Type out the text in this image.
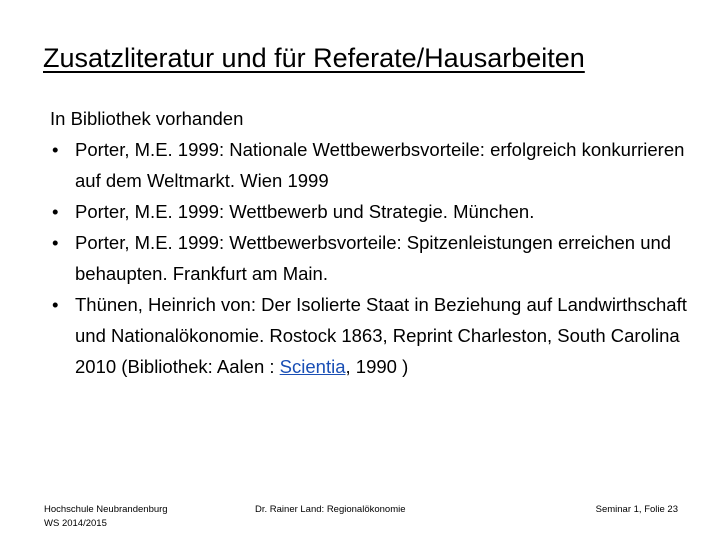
Zusatzliteratur und für Referate/Hausarbeiten

In Bibliothek vorhanden

• Porter, M.E. 1999: Nationale Wettbewerbsvorteile: erfolgreich konkurrieren auf dem Weltmarkt. Wien 1999
• Porter, M.E. 1999: Wettbewerb und Strategie. München.
• Porter, M.E. 1999: Wettbewerbsvorteile: Spitzenleistungen erreichen und behaupten. Frankfurt am Main.
• Thünen, Heinrich von: Der Isolierte Staat in Beziehung auf Landwirthschaft und Nationalökonomie. Rostock 1863, Reprint Charleston, South Carolina 2010 (Bibliothek: Aalen : Scientia, 1990 )
Hochschule Neubrandenburg
WS 2014/2015
Dr. Rainer Land: Regionalökonomie	Seminar 1, Folie 23
